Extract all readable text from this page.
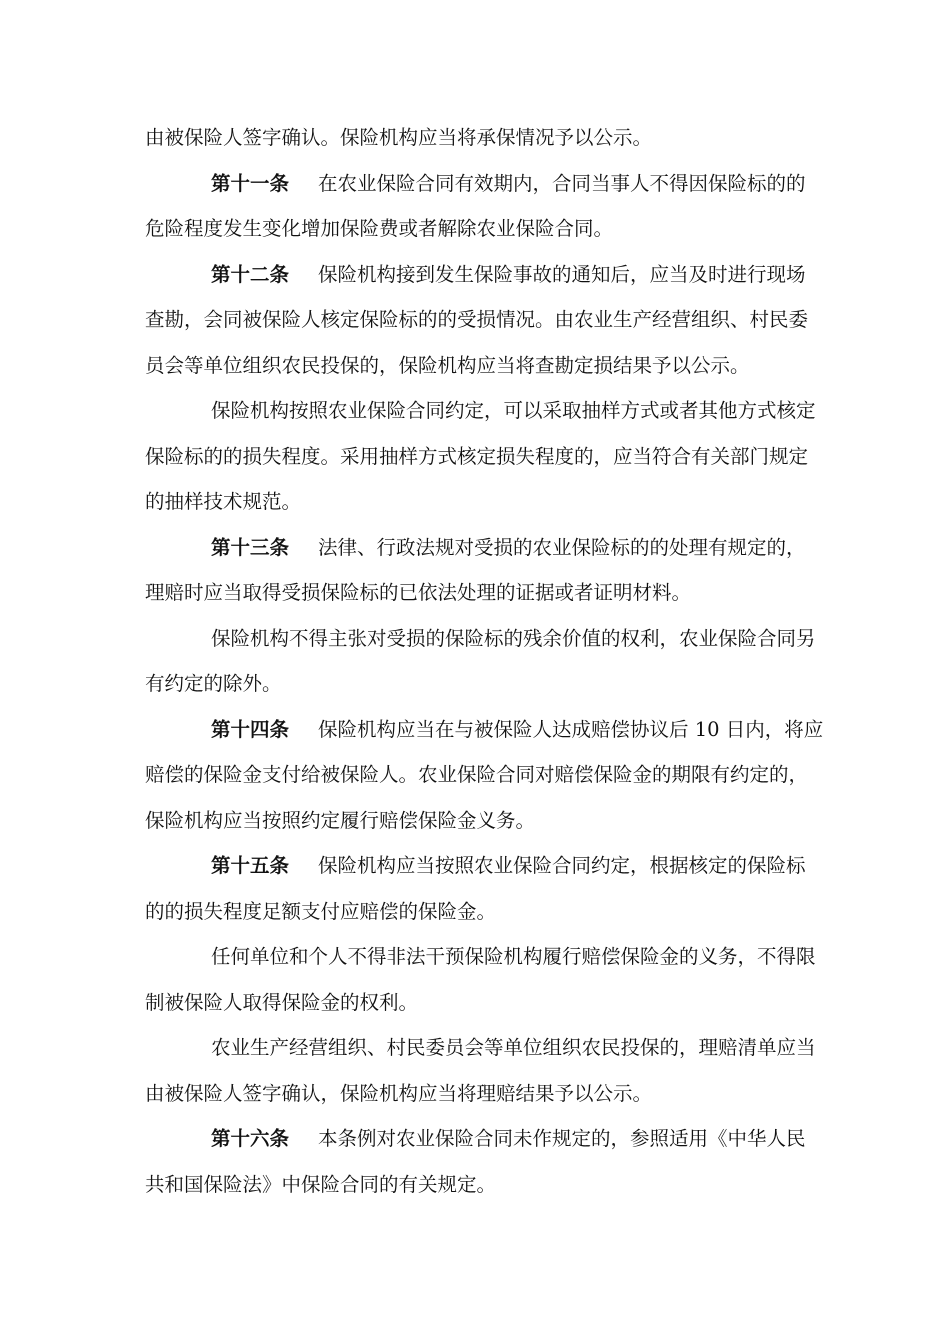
由被保险人签字确认。保险机构应当将承保情况予以公示。
第十一条 在农业保险合同有效期内，合同当事人不得因保险标的的
危险程度发生变化增加保险费或者解除农业保险合同。
第十二条 保险机构接到发生保险事故的通知后，应当及时进行现场
查勘，会同被保险人核定保险标的的受损情况。由农业生产经营组织、村民委
员会等单位组织农民投保的，保险机构应当将查勘定损结果予以公示。
保险机构按照农业保险合同约定，可以采取抽样方式或者其他方式核定
保险标的的损失程度。采用抽样方式核定损失程度的，应当符合有关部门规定
的抽样技术规范。
第十三条 法律、行政法规对受损的农业保险标的的处理有规定的，
理赔时应当取得受损保险标的已依法处理的证据或者证明材料。
保险机构不得主张对受损的保险标的残余价值的权利，农业保险合同另
有约定的除外。
第十四条 保险机构应当在与被保险人达成赔偿协议后 10 日内，将应
赔偿的保险金支付给被保险人。农业保险合同对赔偿保险金的期限有约定的，
保险机构应当按照约定履行赔偿保险金义务。
第十五条 保险机构应当按照农业保险合同约定，根据核定的保险标
的的损失程度足额支付应赔偿的保险金。
任何单位和个人不得非法干预保险机构履行赔偿保险金的义务，不得限
制被保险人取得保险金的权利。
农业生产经营组织、村民委员会等单位组织农民投保的，理赔清单应当
由被保险人签字确认，保险机构应当将理赔结果予以公示。
第十六条 本条例对农业保险合同未作规定的，参照适用《中华人民
共和国保险法》中保险合同的有关规定。
